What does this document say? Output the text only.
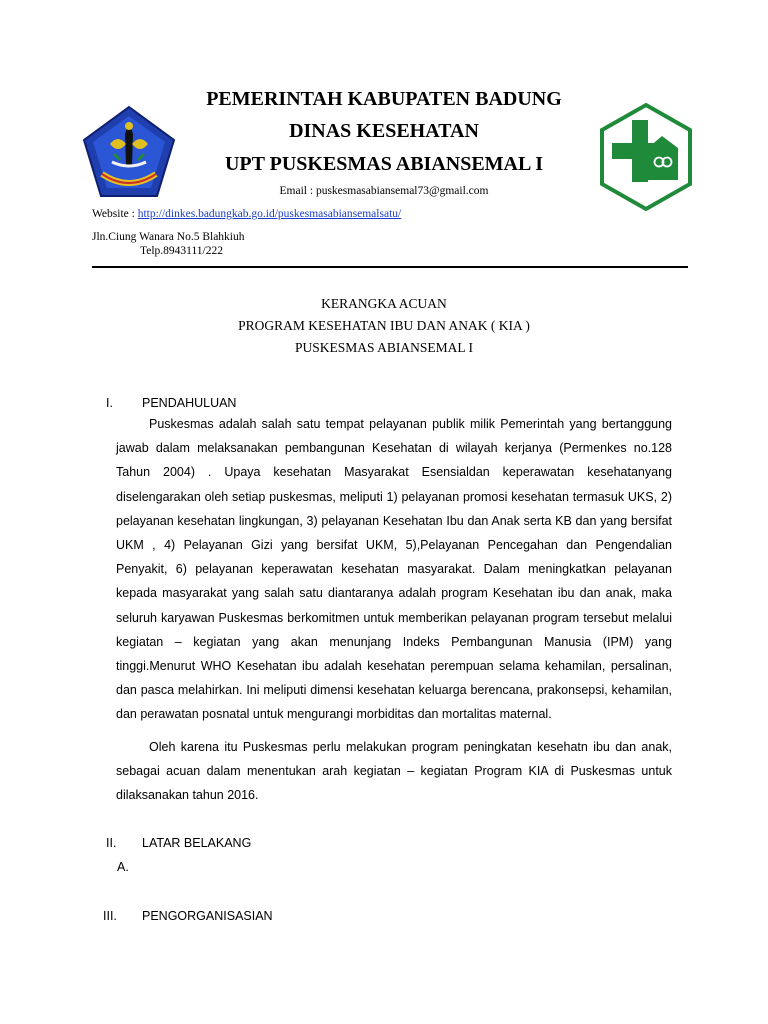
PEMERINTAH KABUPATEN BADUNG
DINAS KESEHATAN
UPT PUSKESMAS ABIANSEMAL I
Email : puskesmasabiansemal73@gmail.com
Website : http://dinkes.badungkab.go.id/puskesmasabiansemalsatu/
Jln.Ciung Wanara No.5 Blahkiuh
Telp.8943111/222
KERANGKA ACUAN
PROGRAM KESEHATAN IBU DAN ANAK ( KIA )
PUSKESMAS ABIANSEMAL I
I. PENDAHULUAN

Puskesmas adalah salah satu tempat pelayanan publik milik Pemerintah yang bertanggung jawab dalam melaksanakan pembangunan Kesehatan di wilayah kerjanya (Permenkes no.128 Tahun 2004) . Upaya kesehatan Masyarakat Esensialdan keperawatan kesehatanyang diselengarakan oleh setiap puskesmas, meliputi 1) pelayanan promosi kesehatan termasuk UKS, 2) pelayanan kesehatan lingkungan, 3) pelayanan Kesehatan Ibu dan Anak serta KB dan yang bersifat UKM , 4) Pelayanan Gizi yang bersifat UKM, 5),Pelayanan Pencegahan dan Pengendalian Penyakit, 6) pelayanan keperawatan kesehatan masyarakat. Dalam meningkatkan pelayanan kepada masyarakat yang salah satu diantaranya adalah program Kesehatan ibu dan anak, maka seluruh karyawan Puskesmas berkomitmen untuk memberikan pelayanan program tersebut melalui kegiatan – kegiatan yang akan menunjang Indeks Pembangunan Manusia (IPM) yang tinggi.Menurut WHO Kesehatan ibu adalah kesehatan perempuan selama kehamilan, persalinan, dan pasca melahirkan. Ini meliputi dimensi kesehatan keluarga berencana, prakonsepsi, kehamilan, dan perawatan posnatal untuk mengurangi morbiditas dan mortalitas maternal.

Oleh karena itu Puskesmas perlu melakukan program peningkatan kesehatn ibu dan anak, sebagai acuan dalam menentukan arah kegiatan – kegiatan Program KIA di Puskesmas untuk dilaksanakan tahun 2016.

II. LATAR BELAKANG
A.
III. PENGORGANISASIAN
